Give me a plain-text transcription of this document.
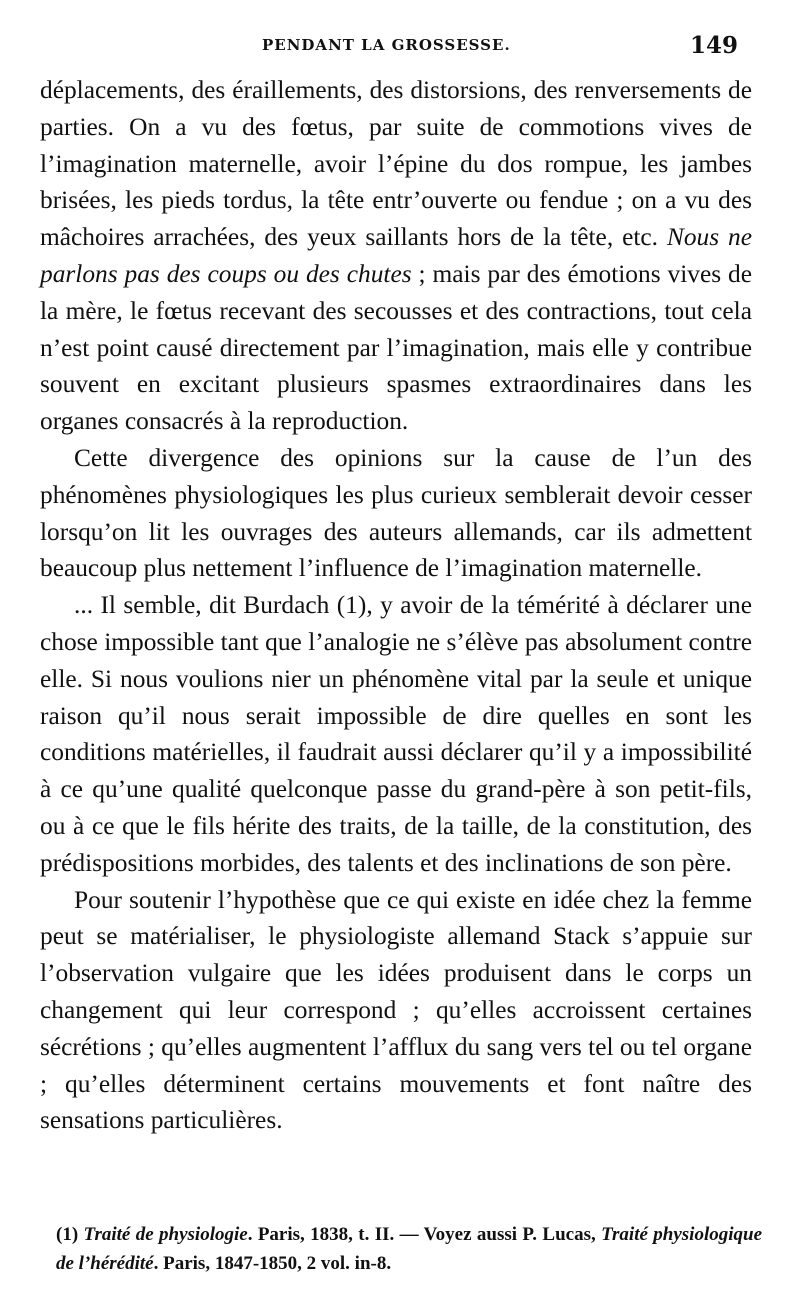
PENDANT LA GROSSESSE.	149

déplacements, des éraillements, des distorsions, des renversements de parties. On a vu des fœtus, par suite de commotions vives de l’imagination maternelle, avoir l’épine du dos rompue, les jambes brisées, les pieds tordus, la tête entr’ouverte ou fendue ; on a vu des mâchoires arrachées, des yeux saillants hors de la tête, etc. Nous ne parlons pas des coups ou des chutes ; mais par des émotions vives de la mère, le fœtus recevant des secousses et des contractions, tout cela n’est point causé directement par l’imagination, mais elle y contribue souvent en excitant plusieurs spasmes extraordinaires dans les organes consacrés à la reproduction.

Cette divergence des opinions sur la cause de l’un des phénomènes physiologiques les plus curieux semblerait devoir cesser lorsqu’on lit les ouvrages des auteurs allemands, car ils admettent beaucoup plus nettement l’influence de l’imagination maternelle.

... Il semble, dit Burdach (1), y avoir de la témérité à déclarer une chose impossible tant que l’analogie ne s’élève pas absolument contre elle. Si nous voulions nier un phénomène vital par la seule et unique raison qu’il nous serait impossible de dire quelles en sont les conditions matérielles, il faudrait aussi déclarer qu’il y a impossibilité à ce qu’une qualité quelconque passe du grand-père à son petit-fils, ou à ce que le fils hérite des traits, de la taille, de la constitution, des prédispositions morbides, des talents et des inclinations de son père.

Pour soutenir l’hypothèse que ce qui existe en idée chez la femme peut se matérialiser, le physiologiste allemand Stack s’appuie sur l’observation vulgaire que les idées produisent dans le corps un changement qui leur correspond ; qu’elles accroissent certaines sécrétions ; qu’elles augmentent l’afflux du sang vers tel ou tel organe ; qu’elles déterminent certains mouvements et font naître des sensations particulières.

(1) Traité de physiologie. Paris, 1838, t. II. — Voyez aussi P. Lucas, Traité physiologique de l’hérédité. Paris, 1847-1850, 2 vol. in-8.
